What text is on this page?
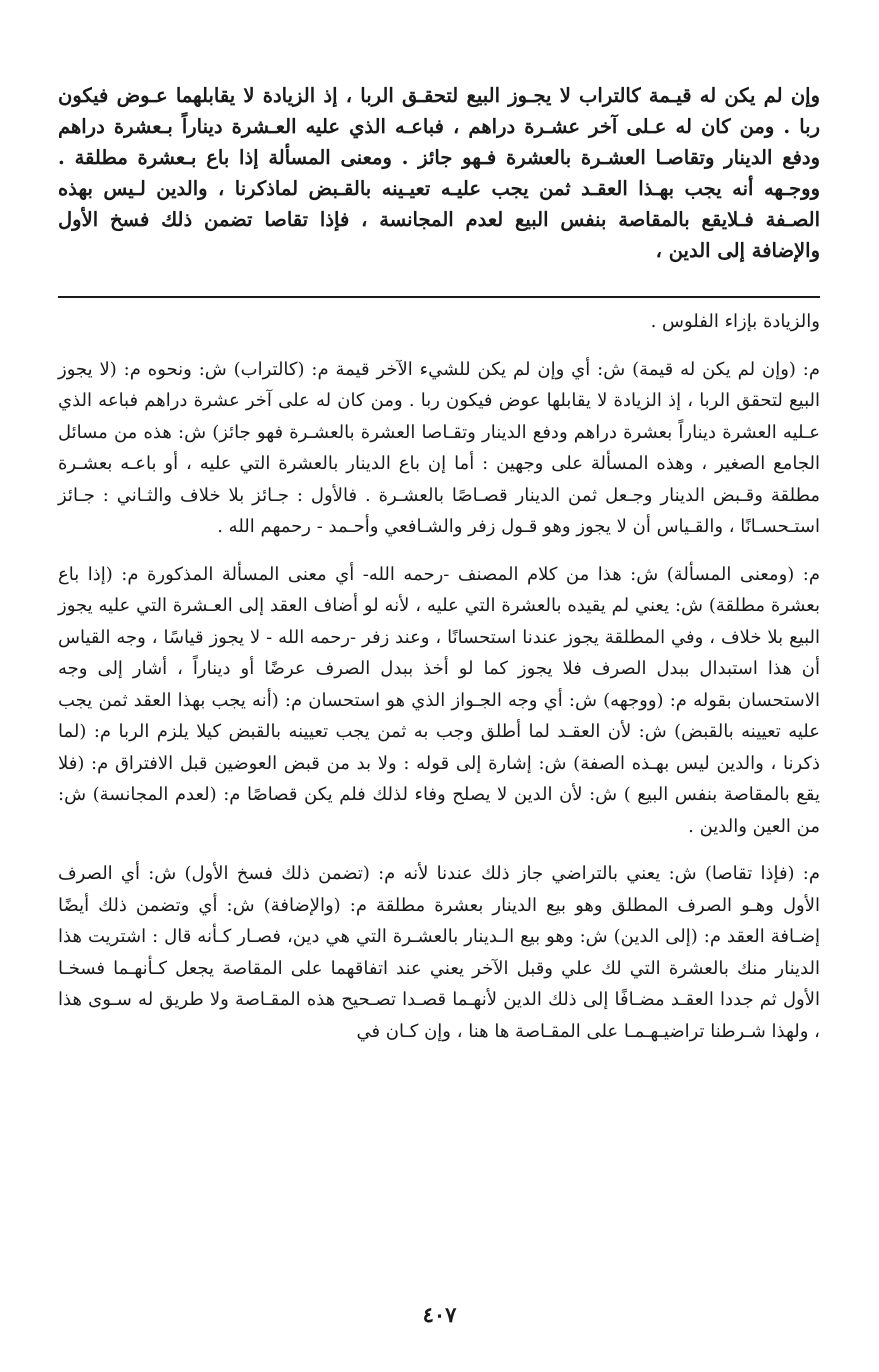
وإن لم يكن له قيـمة كالتراب لا يجـوز البيع لتحقـق الربا ، إذ الزيادة لا يقابلهما عـوض فيكون ربا . ومن كان له عـلى آخر عشـرة دراهم ، فباعـه الذي عليه العـشرة ديناراً بـعشرة دراهم ودفع الدينار وتقاصـا العشـرة بالعشرة فـهو جائز . ومعنى المسألة إذا باع بـعشرة مطلقة . ووجـهه أنه يجب بهـذا العقـد ثمن يجب عليـه تعيـينه بالقـبض لماذكرنا ، والدين لـيس بهذه الصـفة فـلايقع بالمقاصة بنفس البيع لعدم المجانسة ، فإذا تقاصا تضمن ذلك فسخ الأول والإضافة إلى الدين ،

والزيادة بإزاء الفلوس .

م: (وإن لم يكن له قيمة) ش: أي وإن لم يكن للشيء الآخر قيمة م: (كالتراب) ش: ونحوه م: (لا يجوز البيع لتحقق الربا ، إذ الزيادة لا يقابلها عوض فيكون ربا . ومن كان له على آخر عشرة دراهم فباعه الذي عـليه العشرة ديناراً بعشرة دراهم ودفع الدينار وتقـاصا العشرة بالعشـرة فهو جائز) ش: هذه من مسائل الجامع الصغير ، وهذه المسألة على وجهين : أما إن باع الدينار بالعشرة التي عليه ، أو باعـه بعشـرة مطلقة وقـبض الدينار وجـعل ثمن الدينار قصـاصًا بالعشـرة . فالأول : جـائز بلا خلاف والثـاني : جـائز استـحسـانًا ، والقـياس أن لا يجوز وهو قـول زفر والشـافعي وأحـمد - رحمهم الله .

م: (ومعنى المسألة) ش: هذا من كلام المصنف -رحمه الله- أي معنى المسألة المذكورة م: (إذا باع بعشرة مطلقة) ش: يعني لم يقيده بالعشرة التي عليه ، لأنه لو أضاف العقد إلى العـشرة التي عليه يجوز البيع بلا خلاف ، وفي المطلقة يجوز عندنا استحسانًا ، وعند زفر -رحمه الله - لا يجوز قياسًا ، وجه القياس أن هذا استبدال ببدل الصرف فلا يجوز كما لو أخذ ببدل الصرف عرضًا أو ديناراً ، أشار إلى وجه الاستحسان بقوله م: (ووجهه) ش: أي وجه الجـواز الذي هو استحسان م: (أنه يجب بهذا العقد ثمن يجب عليه تعيينه بالقبض) ش: لأن العقـد لما أطلق وجب به ثمن يجب تعيينه بالقبض كيلا يلزم الربا م: (لما ذكرنا ، والدين ليس بهـذه الصفة) ش: إشارة إلى قوله : ولا بد من قبض العوضين قبل الافتراق م: (فلا يقع بالمقاصة بنفس البيع ) ش: لأن الدين لا يصلح وفاء لذلك فلم يكن قصاصًا م: (لعدم المجانسة) ش: من العين والدين .

م: (فإذا تقاصا) ش: يعني بالتراضي جاز ذلك عندنا لأنه م: (تضمن ذلك فسخ الأول) ش: أي الصرف الأول وهـو الصرف المطلق وهو بيع الدينار بعشرة مطلقة م: (والإضافة) ش: أي وتضمن ذلك أيضًا إضـافة العقد م: (إلى الدين) ش: وهو بيع الـدينار بالعشـرة التي هي دين، فصـار كـأنه قال : اشتريت هذا الدينار منك بالعشرة التي لك علي وقبل الآخر يعني عند اتفاقهما على المقاصة يجعل كـأنهـما فسخـا الأول ثم جددا العقـد مضـافًا إلى ذلك الدين لأنهـما قصـدا تصـحيح هذه المقـاصة ولا طريق له سـوى هذا ، ولهذا شـرطنا تراضيـهـمـا على المقـاصة ها هنا ، وإن كـان في

٤٠٧
